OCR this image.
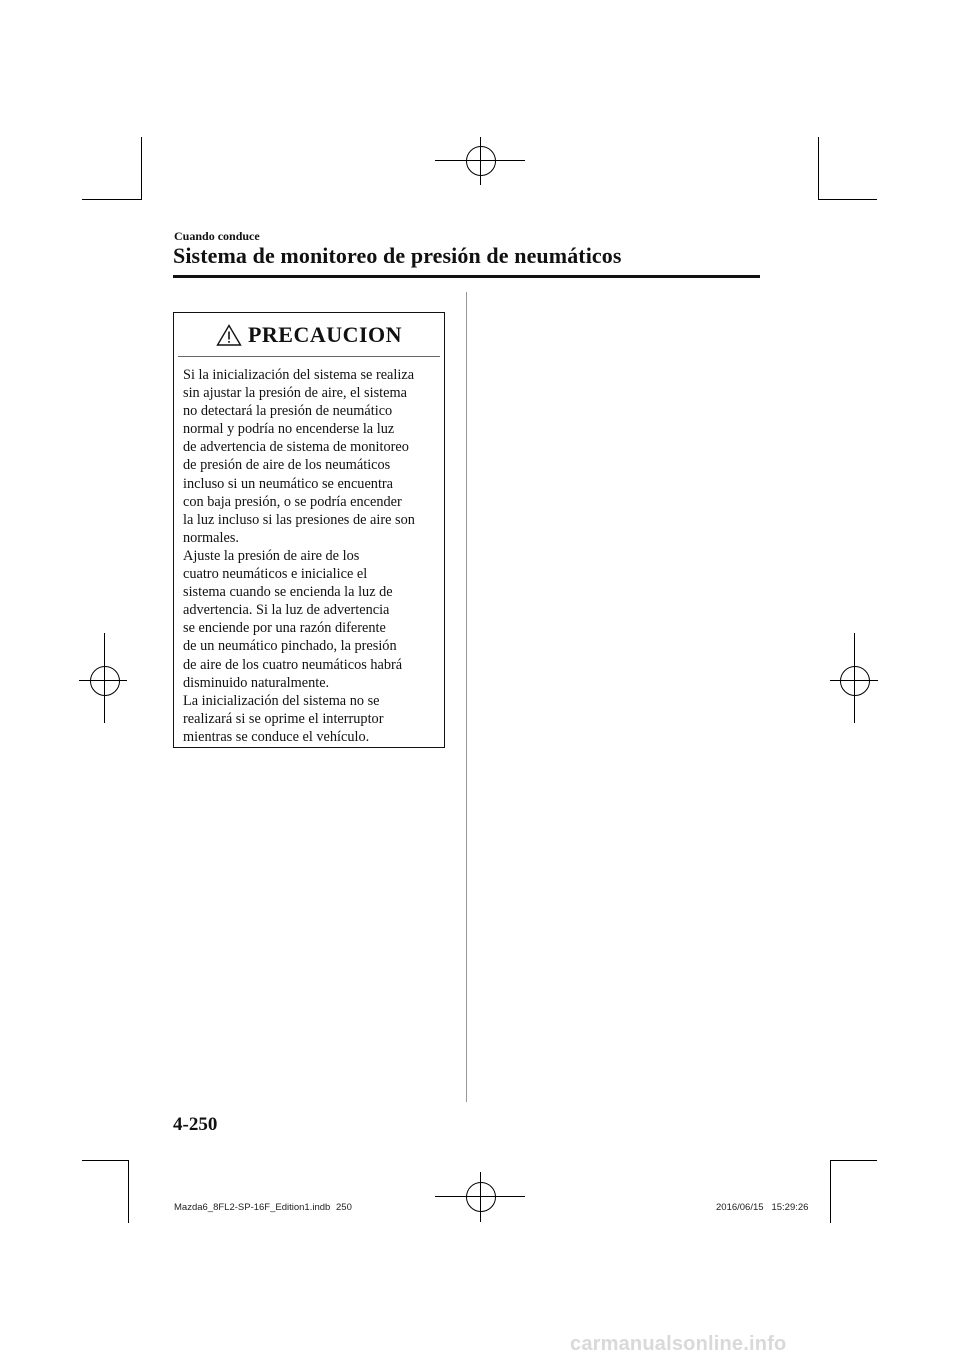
Cuando conduce
Sistema de monitoreo de presión de neumáticos
PRECAUCION
Si la inicialización del sistema se realiza
sin ajustar la presión de aire, el sistema
no detectará la presión de neumático
normal y podría no encenderse la luz
de advertencia de sistema de monitoreo
de presión de aire de los neumáticos
incluso si un neumático se encuentra
con baja presión, o se podría encender
la luz incluso si las presiones de aire son
normales.
Ajuste la presión de aire de los
cuatro neumáticos e inicialice el
sistema cuando se encienda la luz de
advertencia. Si la luz de advertencia
se enciende por una razón diferente
de un neumático pinchado, la presión
de aire de los cuatro neumáticos habrá
disminuido naturalmente.
La inicialización del sistema no se
realizará si se oprime el interruptor
mientras se conduce el vehículo.
4-250
Mazda6_8FL2-SP-16F_Edition1.indb 250	2016/06/15   15:29:26
carmanualsonline.info
